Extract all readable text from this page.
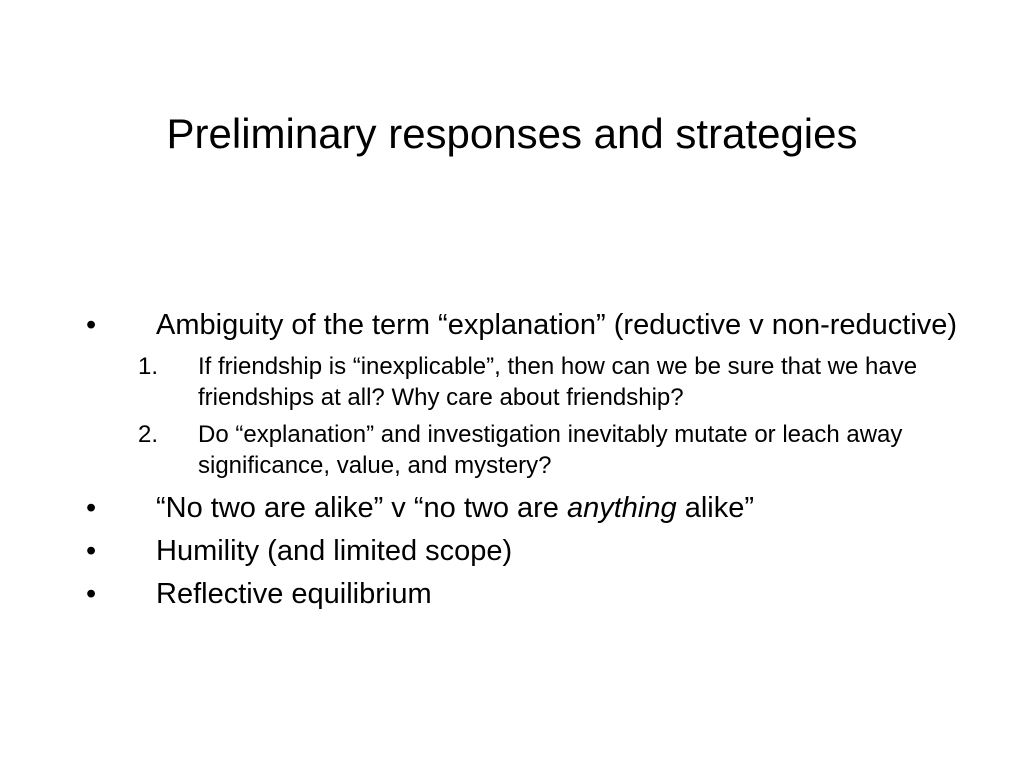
Preliminary responses and strategies
• Ambiguity of the term “explanation” (reductive v non-reductive)
1. If friendship is “inexplicable”, then how can we be sure that we have friendships at all? Why care about friendship?
2. Do “explanation” and investigation inevitably mutate or leach away significance, value, and mystery?
• “No two are alike” v “no two are anything alike”
• Humility (and limited scope)
• Reflective equilibrium
